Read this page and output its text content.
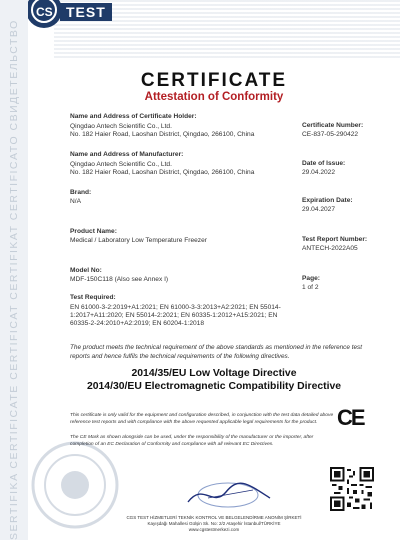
SERTIFIKA CERTIFICATE CERTIFICAT CERTIFIKAT CERTIFICATO СВИДЕТЕЛЬСТВО
CS TEST
CERTIFICATE
Attestation of Conformity
Name and Address of Certificate Holder:
Qingdao Antech Scientific Co., Ltd.
No. 182 Haier Road, Laoshan District, Qingdao, 266100, China
Certificate Number:
CE-837-05-290422
Name and Address of Manufacturer:
Qingdao Antech Scientific Co., Ltd.
No. 182 Haier Road, Laoshan District, Qingdao, 266100, China
Date of Issue:
29.04.2022
Brand:
N/A	Expiration Date:
29.04.2027
Product Name:
Medical / Laboratory Low Temperature Freezer	Test Report Number:
ANTECH-2022A05
Model No:
MDF-150C118 (Also see Annex I)	Page:
1 of 2
Test Required:
EN 61000-3-2:2019+A1:2021; EN 61000-3-3:2013+A2:2021; EN 55014-
1:2017+A11:2020; EN 55014-2:2021; EN 60335-1:2012+A15:2021; EN
60335-2-24:2010+A2:2019; EN 60204-1:2018
The product meets the technical requirement of the above standards as mentioned in the reference test reports and hence fulfils the technical requirements of the following directives.
2014/35/EU Low Voltage Directive
2014/30/EU Electromagnetic Compatibility Directive
This certificate is only valid for the equipment and configuration described, in conjunction with the test data detailed above reference test reports and with compliance with the above requested applicable legal requirements for the product.
The CE Mark as shown alongside can be used, under the responsibility of the manufacturer or the importer, after completion of an EC Declaration of Conformity and compliance with all relevant EC Directives.
CE
CGS TEST HİZMETLERİ TEKNİK KONTROL VE BELGELENDİRME ANONİM ŞİRKETİ
Kayışdağı Mahallesi Gülşin Sk. No: 2/2 Ataşehir İstanbul/TÜRKİYE
www.cgstestmerkezi.com
